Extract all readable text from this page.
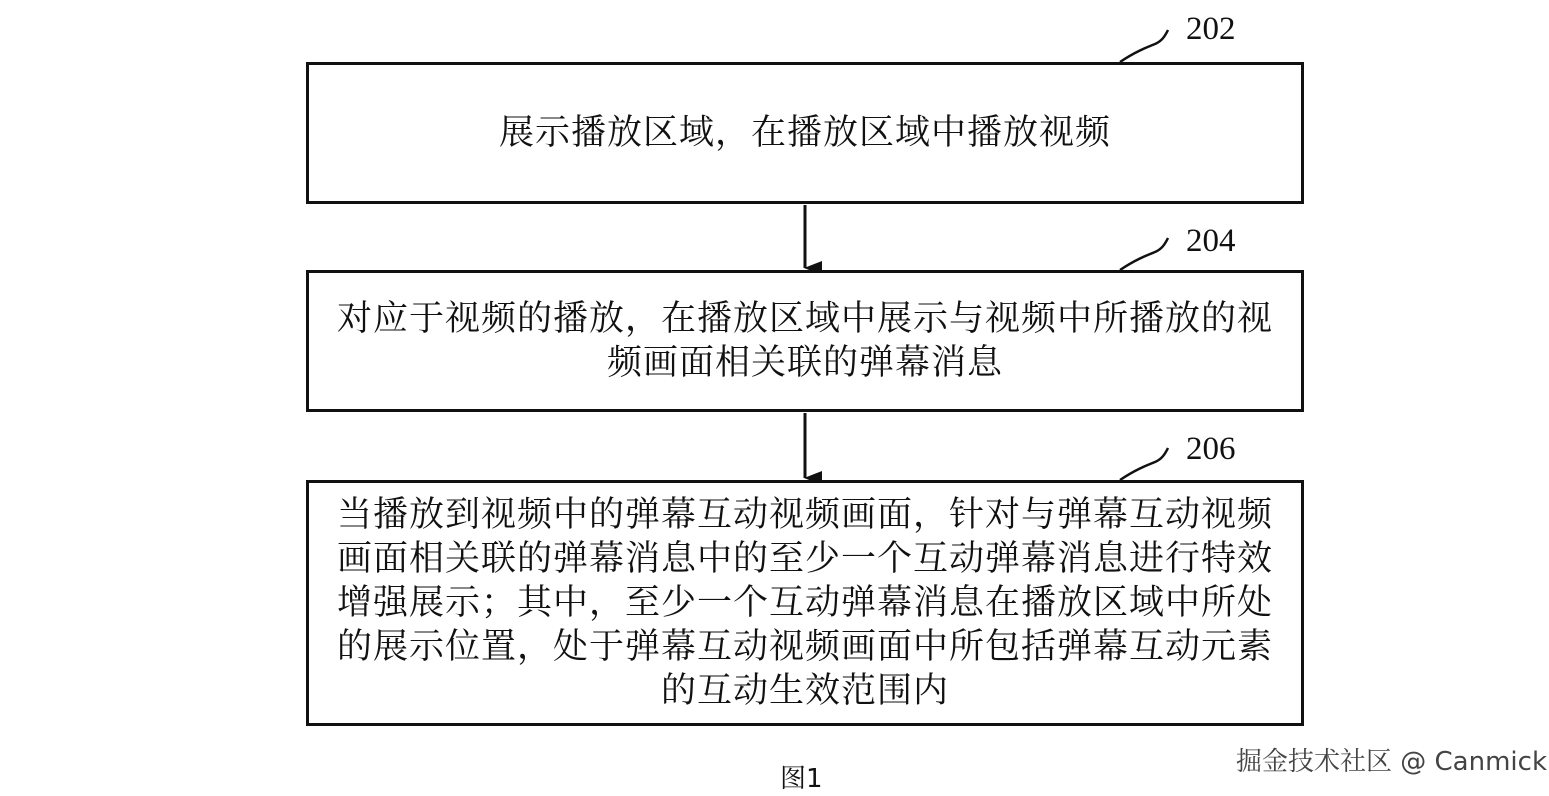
展示播放区域，在播放区域中播放视频
202
对应于视频的播放，在播放区域中展示与视频中所播放的视频画面相关联的弹幕消息
204
当播放到视频中的弹幕互动视频画面，针对与弹幕互动视频画面相关联的弹幕消息中的至少一个互动弹幕消息进行特效增强展示；其中，至少一个互动弹幕消息在播放区域中所处的展示位置，处于弹幕互动视频画面中所包括弹幕互动元素的互动生效范围内
206
图1
掘金技术社区 @ Canmick
